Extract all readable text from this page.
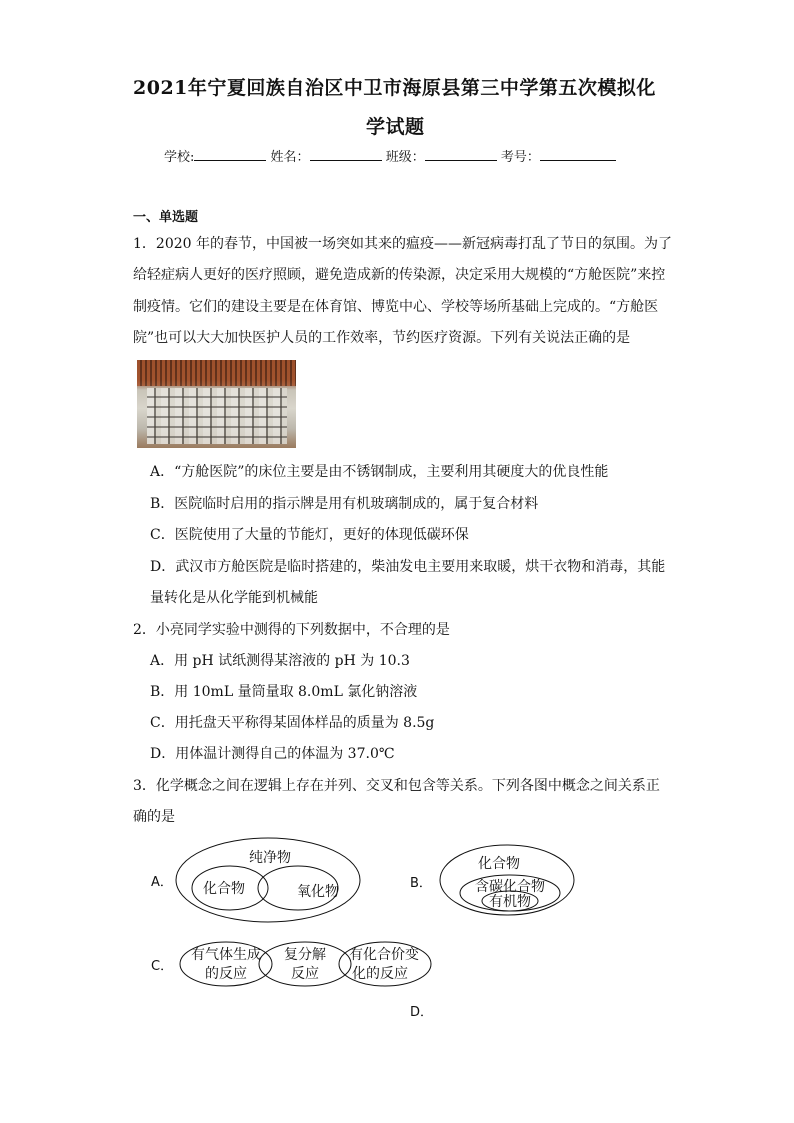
2021年宁夏回族自治区中卫市海原县第三中学第五次模拟化
学试题
学校:	姓名：	班级：	考号：
一、单选题
1．2020 年的春节，中国被一场突如其来的瘟疫——新冠病毒打乱了节日的氛围。为了
给轻症病人更好的医疗照顾，避免造成新的传染源，决定采用大规模的“方舱医院”来控
制疫情。它们的建设主要是在体育馆、博览中心、学校等场所基础上完成的。“方舱医
院”也可以大大加快医护人员的工作效率，节约医疗资源。下列有关说法正确的是
A．“方舱医院”的床位主要是由不锈钢制成，主要利用其硬度大的优良性能
B．医院临时启用的指示牌是用有机玻璃制成的，属于复合材料
C．医院使用了大量的节能灯，更好的体现低碳环保
D．武汉市方舱医院是临时搭建的，柴油发电主要用来取暖，烘干衣物和消毒，其能
量转化是从化学能到机械能
2．小亮同学实验中测得的下列数据中，不合理的是
A．用 pH 试纸测得某溶液的 pH 为 10.3
B．用 10mL 量筒量取 8.0mL 氯化钠溶液
C．用托盘天平称得某固体样品的质量为 8.5g
D．用体温计测得自己的体温为 37.0℃
3．化学概念之间在逻辑上存在并列、交叉和包含等关系。下列各图中概念之间关系正
确的是
A．
纯净物
化合物	氧化物
B．
化合物
含碳化合物
有机物
C．
有气体生成
的反应
复分解
反应
有化合价变
化的反应
D．
